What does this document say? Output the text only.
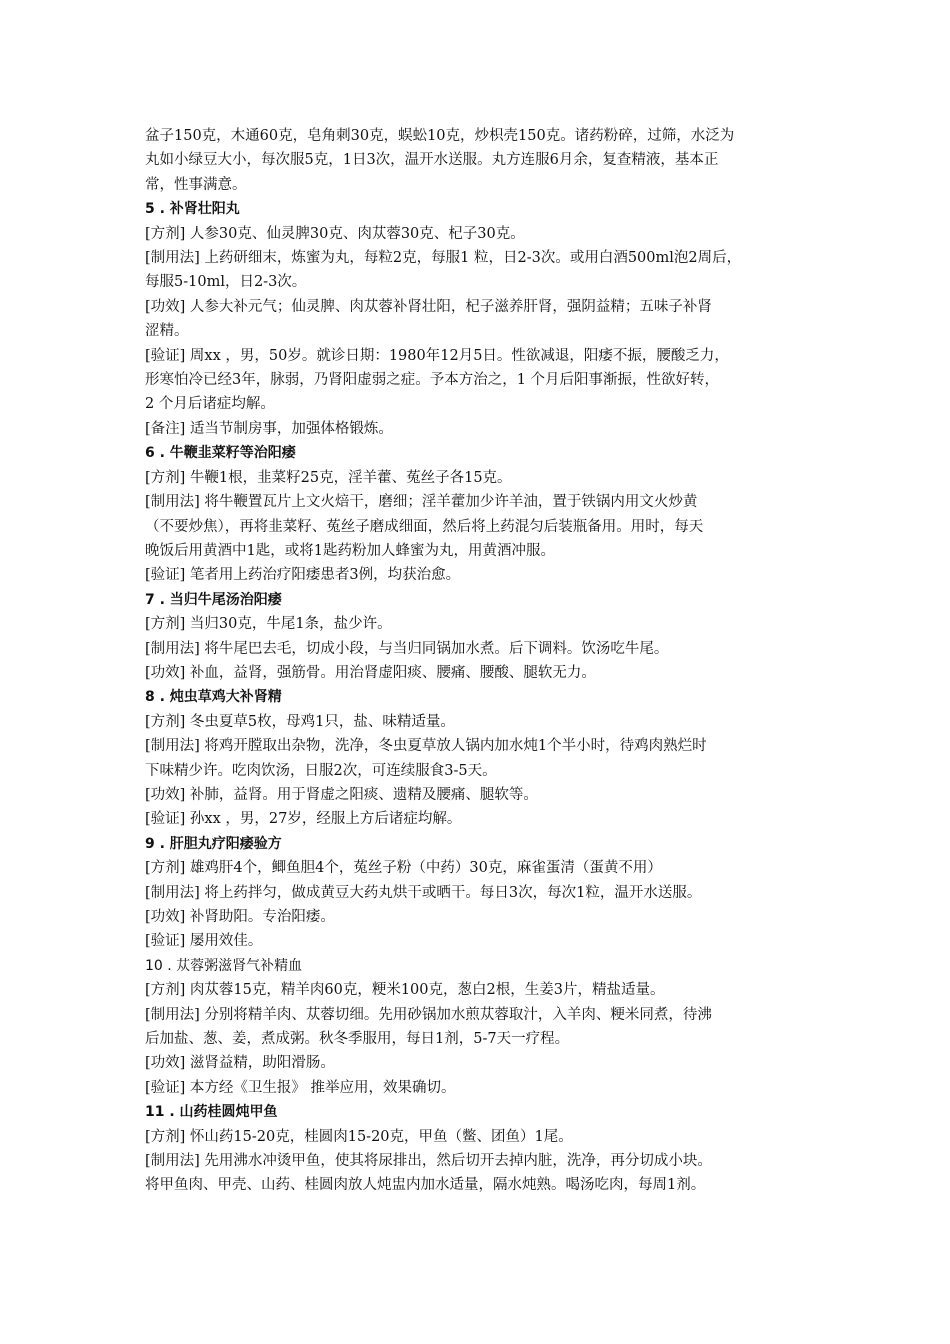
盆子150克，木通60克，皂角刺30克，蜈蚣10克，炒枳壳150克。诸药粉碎，过筛，水泛为
丸如小绿豆大小，每次服5克，1日3次，温开水送服。丸方连服6月余，复查精液，基本正
常，性事满意。
5 . 补肾壮阳丸
[方剂] 人参30克、仙灵脾30克、肉苁蓉30克、杞子30克。
[制用法] 上药研细末，炼蜜为丸，每粒2克，每服1 粒，日2-3次。或用白酒500ml泡2周后，
每服5-10ml，日2-3次。
[功效] 人参大补元气；仙灵脾、肉苁蓉补肾壮阳，杞子滋养肝肾，强阴益精；五味子补肾
涩精。
[验证] 周xx ，男，50岁。就诊日期：1980年12月5日。性欲减退，阳痿不振，腰酸乏力，
形寒怕冷已经3年，脉弱，乃肾阳虚弱之症。予本方治之，1 个月后阳事渐振，性欲好转，
2 个月后诸症均解。
[备注] 适当节制房事，加强体格锻炼。
6 . 牛鞭韭菜籽等治阳痿
[方剂] 牛鞭1根，韭菜籽25克，淫羊藿、菟丝子各15克。
[制用法] 将牛鞭置瓦片上文火焙干，磨细；淫羊藿加少许羊油，置于铁锅内用文火炒黄
（不要炒焦），再将韭菜籽、菟丝子磨成细面，然后将上药混匀后装瓶备用。用时，每天
晚饭后用黄酒中1匙，或将1匙药粉加人蜂蜜为丸，用黄酒冲服。
[验证] 笔者用上药治疗阳痿患者3例，均获治愈。
7 . 当归牛尾汤治阳痿
[方剂] 当归30克，牛尾1条，盐少许。
[制用法] 将牛尾巴去毛，切成小段，与当归同锅加水煮。后下调料。饮汤吃牛尾。
[功效] 补血，益肾，强筋骨。用治肾虚阳痰、腰痛、腰酸、腿软无力。
8 . 炖虫草鸡大补肾精
[方剂] 冬虫夏草5枚，母鸡1只，盐、味精适量。
[制用法] 将鸡开膛取出杂物，洗净，冬虫夏草放人锅内加水炖1个半小时，待鸡肉熟烂时
下味精少许。吃肉饮汤，日服2次，可连续服食3-5天。
[功效] 补肺，益肾。用于肾虚之阳痰、遗精及腰痛、腿软等。
[验证] 孙xx ，男，27岁，经服上方后诸症均解。
9 . 肝胆丸疗阳痿验方
[方剂] 雄鸡肝4个，鲫鱼胆4个，菟丝子粉（中药）30克，麻雀蛋清（蛋黄不用）
[制用法] 将上药拌匀，做成黄豆大药丸烘干或晒干。每日3次，每次1粒，温开水送服。
[功效] 补肾助阳。专治阳痿。
[验证] 屡用效佳。
10 . 苁蓉粥滋肾气补精血
[方剂] 肉苁蓉15克，精羊肉60克，粳米100克，葱白2根，生姜3片，精盐适量。
[制用法] 分别将精羊肉、苁蓉切细。先用砂锅加水煎苁蓉取汁，入羊肉、粳米同煮，待沸
后加盐、葱、姜，煮成粥。秋冬季服用，每日1剂，5-7天一疗程。
[功效] 滋肾益精，助阳滑肠。
[验证] 本方经《卫生报》 推举应用，效果确切。
11 . 山药桂圆炖甲鱼
[方剂] 怀山药15-20克，桂圆肉15-20克，甲鱼（鳖、团鱼）1尾。
[制用法] 先用沸水冲烫甲鱼，使其将尿排出，然后切开去掉内脏，洗净，再分切成小块。
将甲鱼肉、甲壳、山药、桂圆肉放人炖盅内加水适量，隔水炖熟。喝汤吃肉，每周1剂。
